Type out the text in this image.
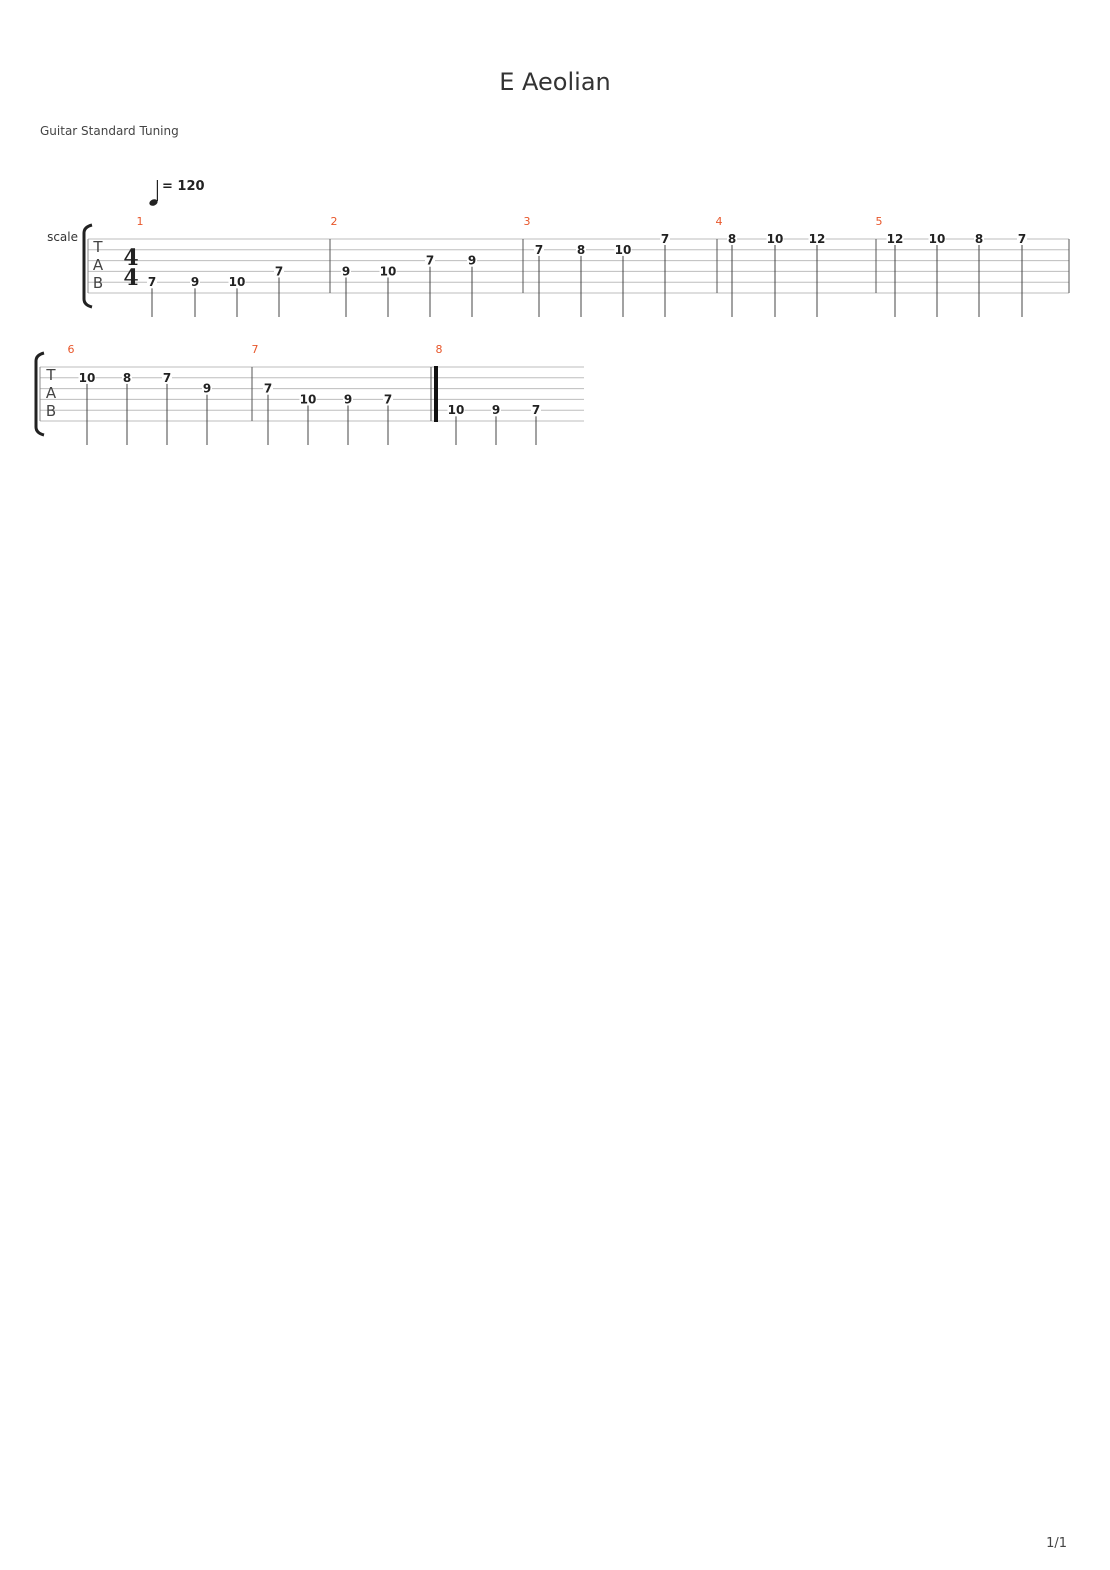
E Aeolian
Guitar Standard Tuning
= 120
1/1
scale
T
A
B
4
4
1
7	9 10
7
2
9 10
7	9
3
7	8 10
7
4
8	10 12
5
12 10 8	7
T
A
B
6
10 8	7
9
7
7
10 9	7
8
10 9	7
